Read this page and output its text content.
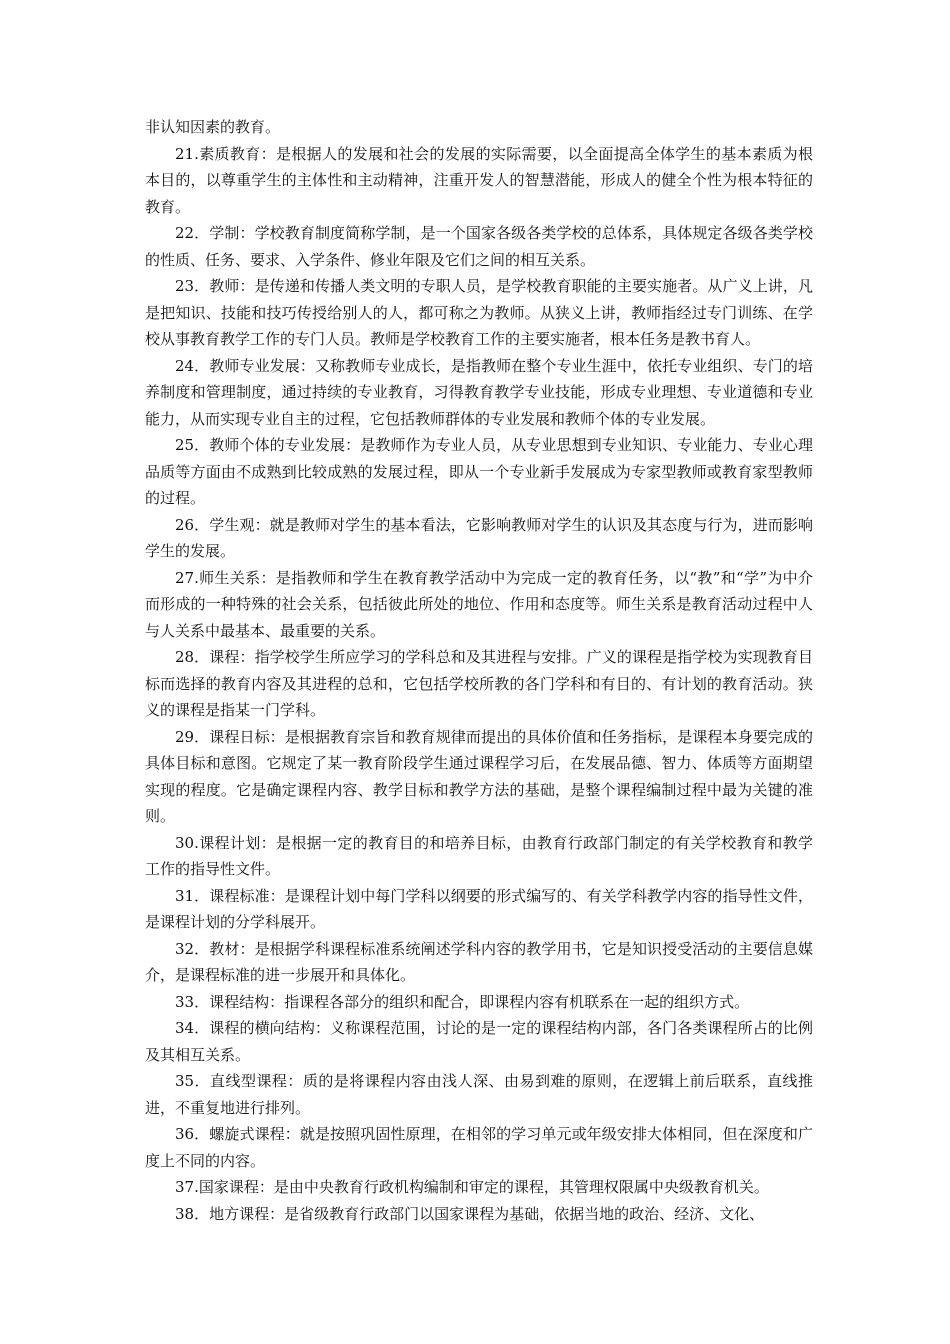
非认知因素的教育。

21.素质教育：是根据人的发展和社会的发展的实际需要，以全面提高全体学生的基本素质为根本目的，以尊重学生的主体性和主动精神，注重开发人的智慧潜能，形成人的健全个性为根本特征的教育。

22．学制：学校教育制度简称学制，是一个国家各级各类学校的总体系，具体规定各级各类学校的性质、任务、要求、入学条件、修业年限及它们之间的相互关系。

23．教师：是传递和传播人类文明的专职人员，是学校教育职能的主要实施者。从广义上讲，凡是把知识、技能和技巧传授给别人的人，都可称之为教师。从狭义上讲，教师指经过专门训练、在学校从事教育教学工作的专门人员。教师是学校教育工作的主要实施者，根本任务是教书育人。

24．教师专业发展：又称教师专业成长，是指教师在整个专业生涯中，依托专业组织、专门的培养制度和管理制度，通过持续的专业教育，习得教育教学专业技能，形成专业理想、专业道德和专业能力，从而实现专业自主的过程，它包括教师群体的专业发展和教师个体的专业发展。

25．教师个体的专业发展：是教师作为专业人员，从专业思想到专业知识、专业能力、专业心理品质等方面由不成熟到比较成熟的发展过程，即从一个专业新手发展成为专家型教师或教育家型教师的过程。

26．学生观：就是教师对学生的基本看法，它影响教师对学生的认识及其态度与行为，进而影响学生的发展。

27.师生关系：是指教师和学生在教育教学活动中为完成一定的教育任务，以“教”和“学”为中介而形成的一种特殊的社会关系，包括彼此所处的地位、作用和态度等。师生关系是教育活动过程中人与人关系中最基本、最重要的关系。

28．课程：指学校学生所应学习的学科总和及其进程与安排。广义的课程是指学校为实现教育目标而选择的教育内容及其进程的总和，它包括学校所教的各门学科和有目的、有计划的教育活动。狭义的课程是指某一门学科。

29．课程日标：是根据教育宗旨和教育规律而提出的具体价值和任务指标，是课程本身要完成的具体目标和意图。它规定了某一教育阶段学生通过课程学习后，在发展品德、智力、体质等方面期望实现的程度。它是确定课程内容、教学目标和教学方法的基础，是整个课程编制过程中最为关键的准则。

30.课程计划：是根据一定的教育目的和培养目标，由教育行政部门制定的有关学校教育和教学工作的指导性文件。

31．课程标准：是课程计划中每门学科以纲要的形式编写的、有关学科教学内容的指导性文件，是课程计划的分学科展开。

32．教材：是根据学科课程标准系统阐述学科内容的教学用书，它是知识授受活动的主要信息媒介，是课程标准的进一步展开和具体化。

33．课程结构：指课程各部分的组织和配合，即课程内容有机联系在一起的组织方式。

34．课程的横向结构：义称课程范围，讨论的是一定的课程结构内部，各门各类课程所占的比例及其相互关系。

35．直线型课程：质的是将课程内容由浅人深、由易到难的原则，在逻辑上前后联系，直线推进，不重复地进行排列。

36．螺旋式课程：就是按照巩固性原理，在相邻的学习单元或年级安排大体相同，但在深度和广度上不同的内容。

37.国家课程：是由中央教育行政机构编制和审定的课程，其管理权限属中央级教育机关。

38．地方课程：是省级教育行政部门以国家课程为基础，依据当地的政治、经济、文化、
